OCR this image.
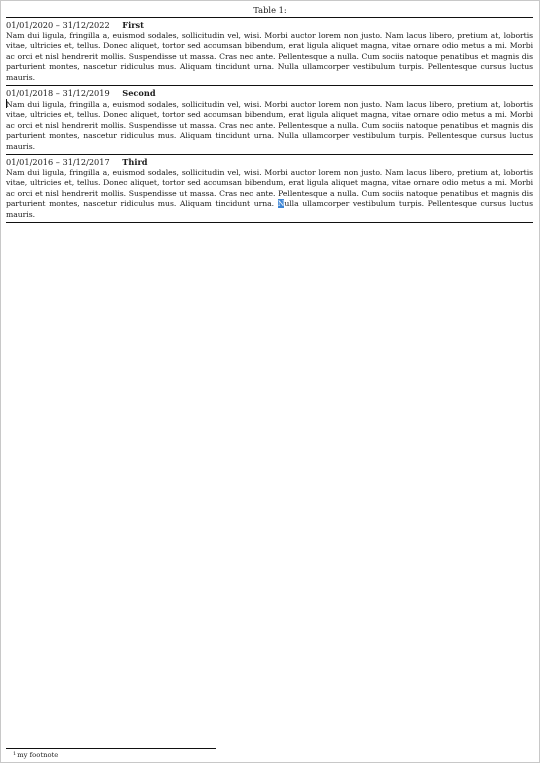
Table 1:
01/01/2020 – 31/12/2022 First
Nam dui ligula, fringilla a, euismod sodales, sollicitudin vel, wisi. Morbi auctor lorem non justo. Nam lacus libero, pretium at, lobortis vitae, ultricies et, tellus. Donec aliquet, tortor sed accumsan bibendum, erat ligula aliquet magna, vitae ornare odio metus a mi. Morbi ac orci et nisl hendrerit mollis. Suspendisse ut massa. Cras nec ante. Pellentesque a nulla. Cum sociis natoque penatibus et magnis dis parturient montes, nascetur ridiculus mus. Aliquam tincidunt urna. Nulla ullamcorper vestibulum turpis. Pellentesque cursus luctus mauris.
01/01/2018 – 31/12/2019 Second
Nam dui ligula, fringilla a, euismod sodales, sollicitudin vel, wisi. Morbi auctor lorem non justo. Nam lacus libero, pretium at, lobortis vitae, ultricies et, tellus. Donec aliquet, tortor sed accumsan bibendum, erat ligula aliquet magna, vitae ornare odio metus a mi. Morbi ac orci et nisl hendrerit mollis. Suspendisse ut massa. Cras nec ante. Pellentesque a nulla. Cum sociis natoque penatibus et magnis dis parturient montes, nascetur ridiculus mus. Aliquam tincidunt urna. Nulla ullamcorper vestibulum turpis. Pellentesque cursus luctus mauris.
01/01/2016 – 31/12/2017 Third
Nam dui ligula, fringilla a, euismod sodales, sollicitudin vel, wisi. Morbi auctor lorem non justo. Nam lacus libero, pretium at, lobortis vitae, ultricies et, tellus. Donec aliquet, tortor sed accumsan bibendum, erat ligula aliquet magna, vitae ornare odio metus a mi. Morbi ac orci et nisl hendrerit mollis. Suspendisse ut massa. Cras nec ante. Pellentesque a nulla. Cum sociis natoque penatibus et magnis dis parturient montes, nascetur ridiculus mus. Aliquam tincidunt urna. Nulla ullamcorper vestibulum turpis. Pellentesque cursus luctus mauris.
$^1$my footnote
